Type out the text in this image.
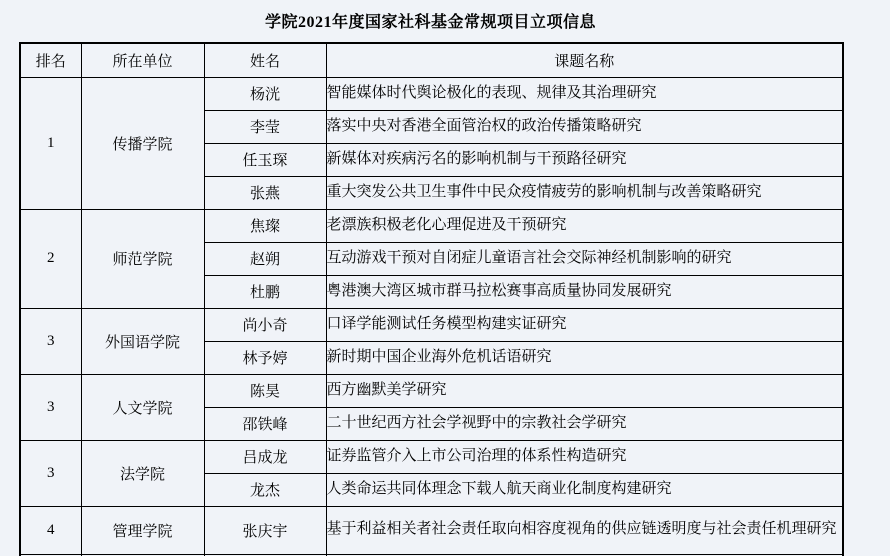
学院2021年度国家社科基金常规项目立项信息
排名	所在单位	姓名	课题名称
1	传播学院	杨洸	智能媒体时代舆论极化的表现、规律及其治理研究
		李莹	落实中央对香港全面管治权的政治传播策略研究
		任玉琛	新媒体对疾病污名的影响机制与干预路径研究
		张燕	重大突发公共卫生事件中民众疫情疲劳的影响机制与改善策略研究
2	师范学院	焦璨	老漂族积极老化心理促进及干预研究
		赵朔	互动游戏干预对自闭症儿童语言社会交际神经机制影响的研究
		杜鹏	粤港澳大湾区城市群马拉松赛事高质量协同发展研究
3	外国语学院	尚小奇	口译学能测试任务模型构建实证研究
		林予婷	新时期中国企业海外危机话语研究
3	人文学院	陈昊	西方幽默美学研究
		邵铁峰	二十世纪西方社会学视野中的宗教社会学研究
3	法学院	吕成龙	证券监管介入上市公司治理的体系性构造研究
		龙杰	人类命运共同体理念下载人航天商业化制度构建研究
4	管理学院	张庆宇	基于利益相关者社会责任取向相容度视角的供应链透明度与社会责任机理研究
